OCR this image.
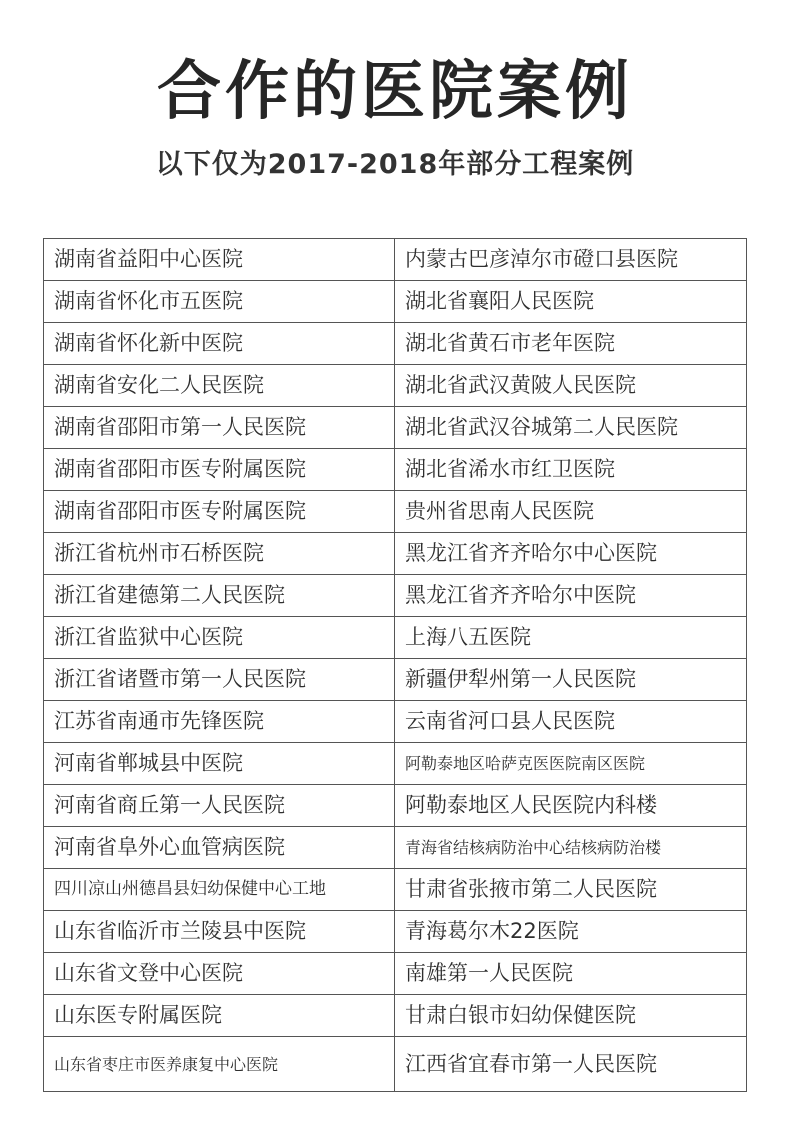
合作的医院案例
以下仅为2017-2018年部分工程案例
湖南省益阳中心医院	内蒙古巴彦淖尔市磴口县医院
湖南省怀化市五医院	湖北省襄阳人民医院
湖南省怀化新中医院	湖北省黄石市老年医院
湖南省安化二人民医院	湖北省武汉黄陂人民医院
湖南省邵阳市第一人民医院	湖北省武汉谷城第二人民医院
湖南省邵阳市医专附属医院	湖北省浠水市红卫医院
湖南省邵阳市医专附属医院	贵州省思南人民医院
浙江省杭州市石桥医院	黑龙江省齐齐哈尔中心医院
浙江省建德第二人民医院	黑龙江省齐齐哈尔中医院
浙江省监狱中心医院	上海八五医院
浙江省诸暨市第一人民医院	新疆伊犁州第一人民医院
江苏省南通市先锋医院	云南省河口县人民医院
河南省郸城县中医院	阿勒泰地区哈萨克医医院南区医院
河南省商丘第一人民医院	阿勒泰地区人民医院内科楼
河南省阜外心血管病医院	青海省结核病防治中心结核病防治楼
四川凉山州德昌县妇幼保健中心工地	甘肃省张掖市第二人民医院
山东省临沂市兰陵县中医院	青海葛尔木22医院
山东省文登中心医院	南雄第一人民医院
山东医专附属医院	甘肃白银市妇幼保健医院
山东省枣庄市医养康复中心医院	江西省宜春市第一人民医院
